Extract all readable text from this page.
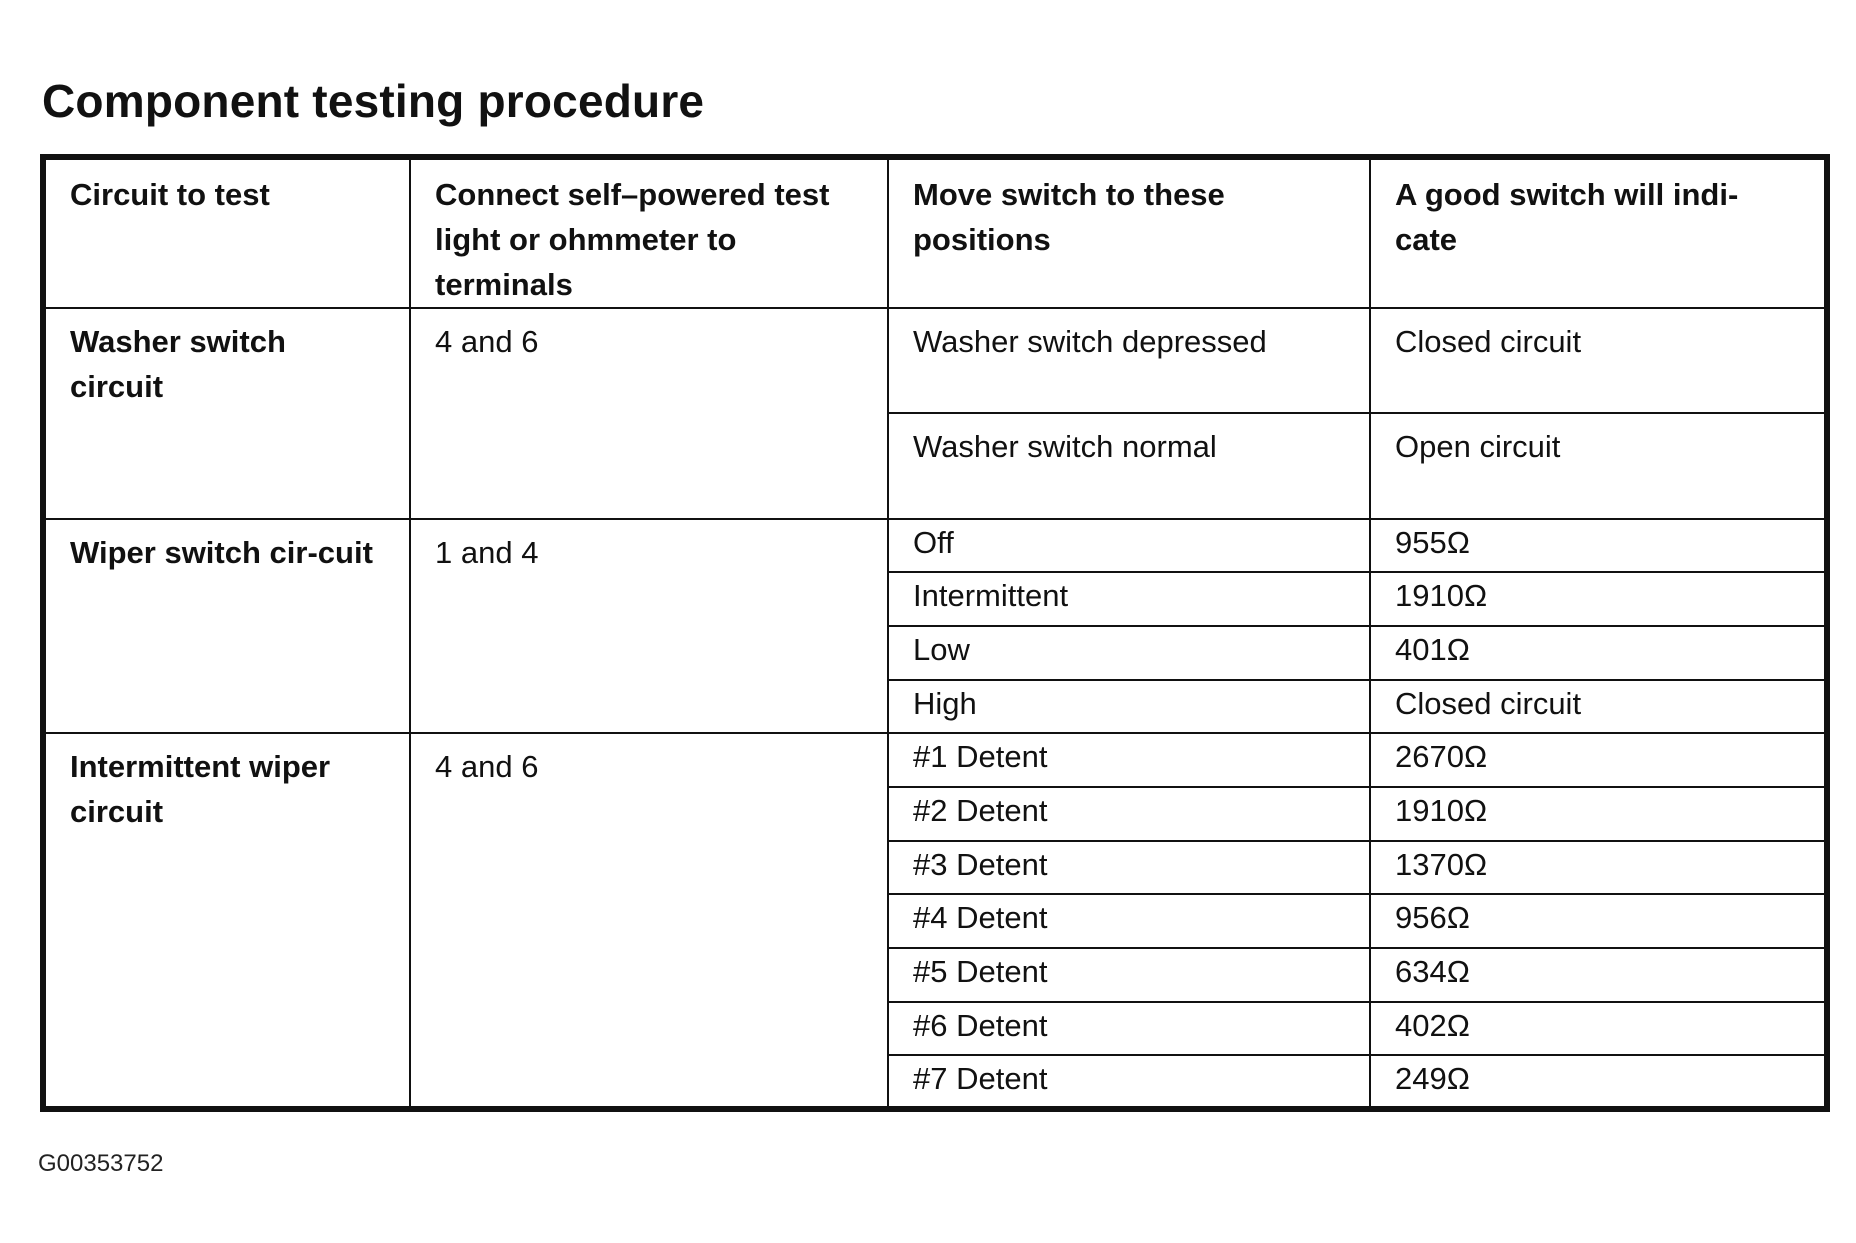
Component testing procedure
Circuit to test	Connect self–powered test light or ohmmeter to terminals	Move switch to these positions	A good switch will indi-cate
Washer switch circuit	4 and 6	Washer switch depressed	Closed circuit
		Washer switch normal	Open circuit
Wiper switch cir-cuit	1 and 4	Off	955Ω
		Intermittent	1910Ω
		Low	401Ω
		High	Closed circuit
Intermittent wiper circuit	4 and 6	#1 Detent	2670Ω
		#2 Detent	1910Ω
		#3 Detent	1370Ω
		#4 Detent	956Ω
		#5 Detent	634Ω
		#6 Detent	402Ω
		#7 Detent	249Ω

G00353752
